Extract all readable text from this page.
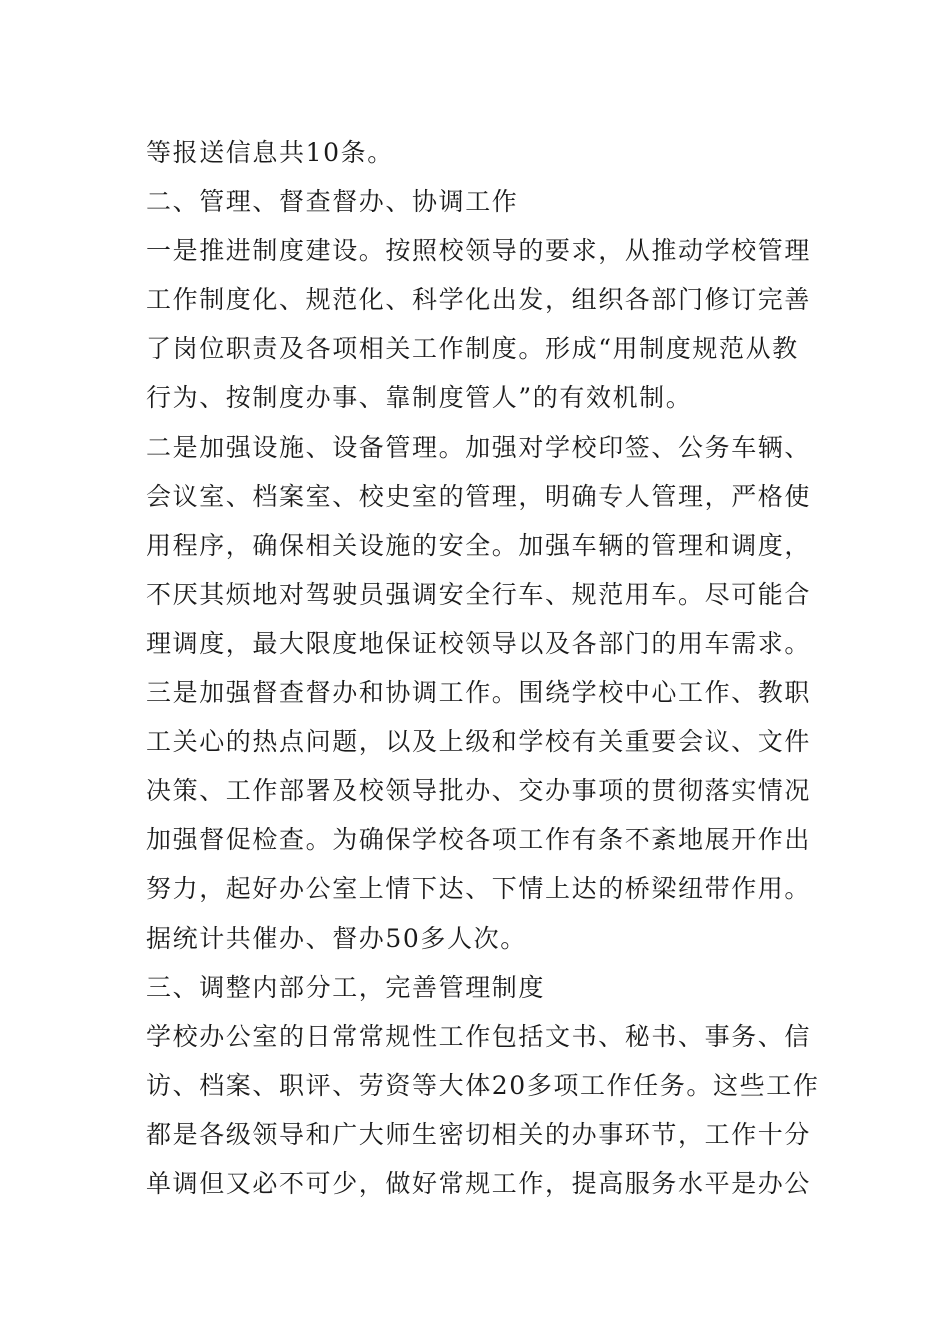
等报送信息共10条。
二、管理、督查督办、协调工作
一是推进制度建设。按照校领导的要求，从推动学校管理
工作制度化、规范化、科学化出发，组织各部门修订完善
了岗位职责及各项相关工作制度。形成“用制度规范从教
行为、按制度办事、靠制度管人”的有效机制。
二是加强设施、设备管理。加强对学校印签、公务车辆、
会议室、档案室、校史室的管理，明确专人管理，严格使
用程序，确保相关设施的安全。加强车辆的管理和调度，
不厌其烦地对驾驶员强调安全行车、规范用车。尽可能合
理调度，最大限度地保证校领导以及各部门的用车需求。
三是加强督查督办和协调工作。围绕学校中心工作、教职
工关心的热点问题，以及上级和学校有关重要会议、文件
决策、工作部署及校领导批办、交办事项的贯彻落实情况
加强督促检查。为确保学校各项工作有条不紊地展开作出
努力，起好办公室上情下达、下情上达的桥梁纽带作用。
据统计共催办、督办50多人次。
三、调整内部分工，完善管理制度
学校办公室的日常常规性工作包括文书、秘书、事务、信
访、档案、职评、劳资等大体20多项工作任务。这些工作
都是各级领导和广大师生密切相关的办事环节，工作十分
单调但又必不可少，做好常规工作，提高服务水平是办公
